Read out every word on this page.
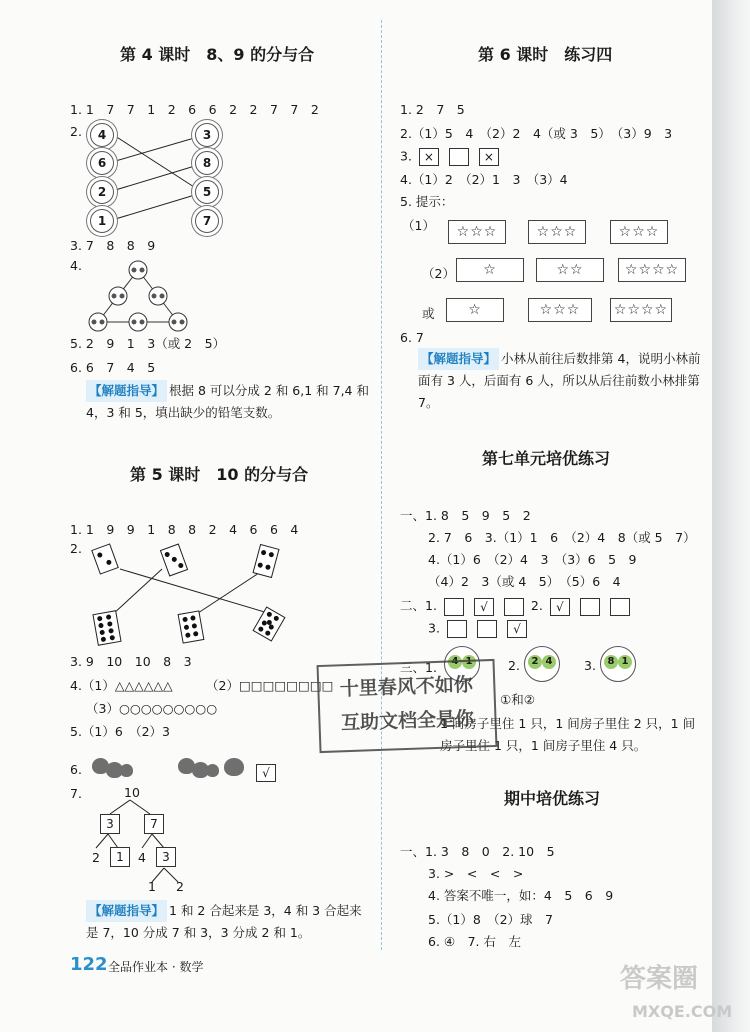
第 4 课时　8、9 的分与合
1. 1　7　7　1　2　6　6　2　2　7　7　2
2.	4
6
2
1
3
8
5
7
3. 7　8　8　9
4.
5. 2　9　1　3（或 2　5）
6. 6　7　4　5
【解题指导】 根据 8 可以分成 2 和 6,1 和 7,4 和 4，3 和 5，填出缺少的铅笔支数。
第 5 课时　10 的分与合
1. 1　9　9　1　8　8　2　4　6　6　4
2.
3. 9　10　10　8　3
4.（1）△△△△△△	（2）□□□□□□□□
（3）○○○○○○○○○
5.（1）6　（2）3
6.	√
7.	10
3	7
2	1	4	3
1 2
【解题指导】 1 和 2 合起来是 3，4 和 3 合起来是 7，10 分成 7 和 3，3 分成 2 和 1。
第 6 课时　练习四
1. 2　7　5
2.（1）5　4　（2）2　4（或 3　5）　（3）9　3
3. ×	×
4.（1）2　（2）1　3　（3）4
5. 提示：
（1）	☆☆☆	☆☆☆	☆☆☆
（2）	☆	☆☆	☆☆☆☆
或	☆	☆☆☆	☆☆☆☆
6. 7
【解题指导】 小林从前往后数排第 4，说明小林前面有 3 人，后面有 6 人，所以从后往前数小林排第 7。
第七单元培优练习
一、1. 8　5　9　5　2
2. 7　6　3.（1）1　6　（2）4　8（或 5　7）
4.（1）6　（2）4　3　（3）6　5　9
（4）2　3（或 4　5）　（5）6　4
二、1.	√	2. √
3.	√
三、1.	4 1	2.	2 4	3.	8 1
①和②
1 间房子里住 1 只，1 间房子里住 2 只，1 间
房子里住 1 只，1 间房子里住 4 只。
期中培优练习
一、1. 3　8　0　2. 10　5
3. >　<　<　>
4. 答案不唯一，如：4　5　6　9
5.（1）8　（2）球　7
6. ④　7. 右　左
十里春风不如你
互助文档全是你
122 全品作业本 · 数学	答案圈
MXQE.COM
